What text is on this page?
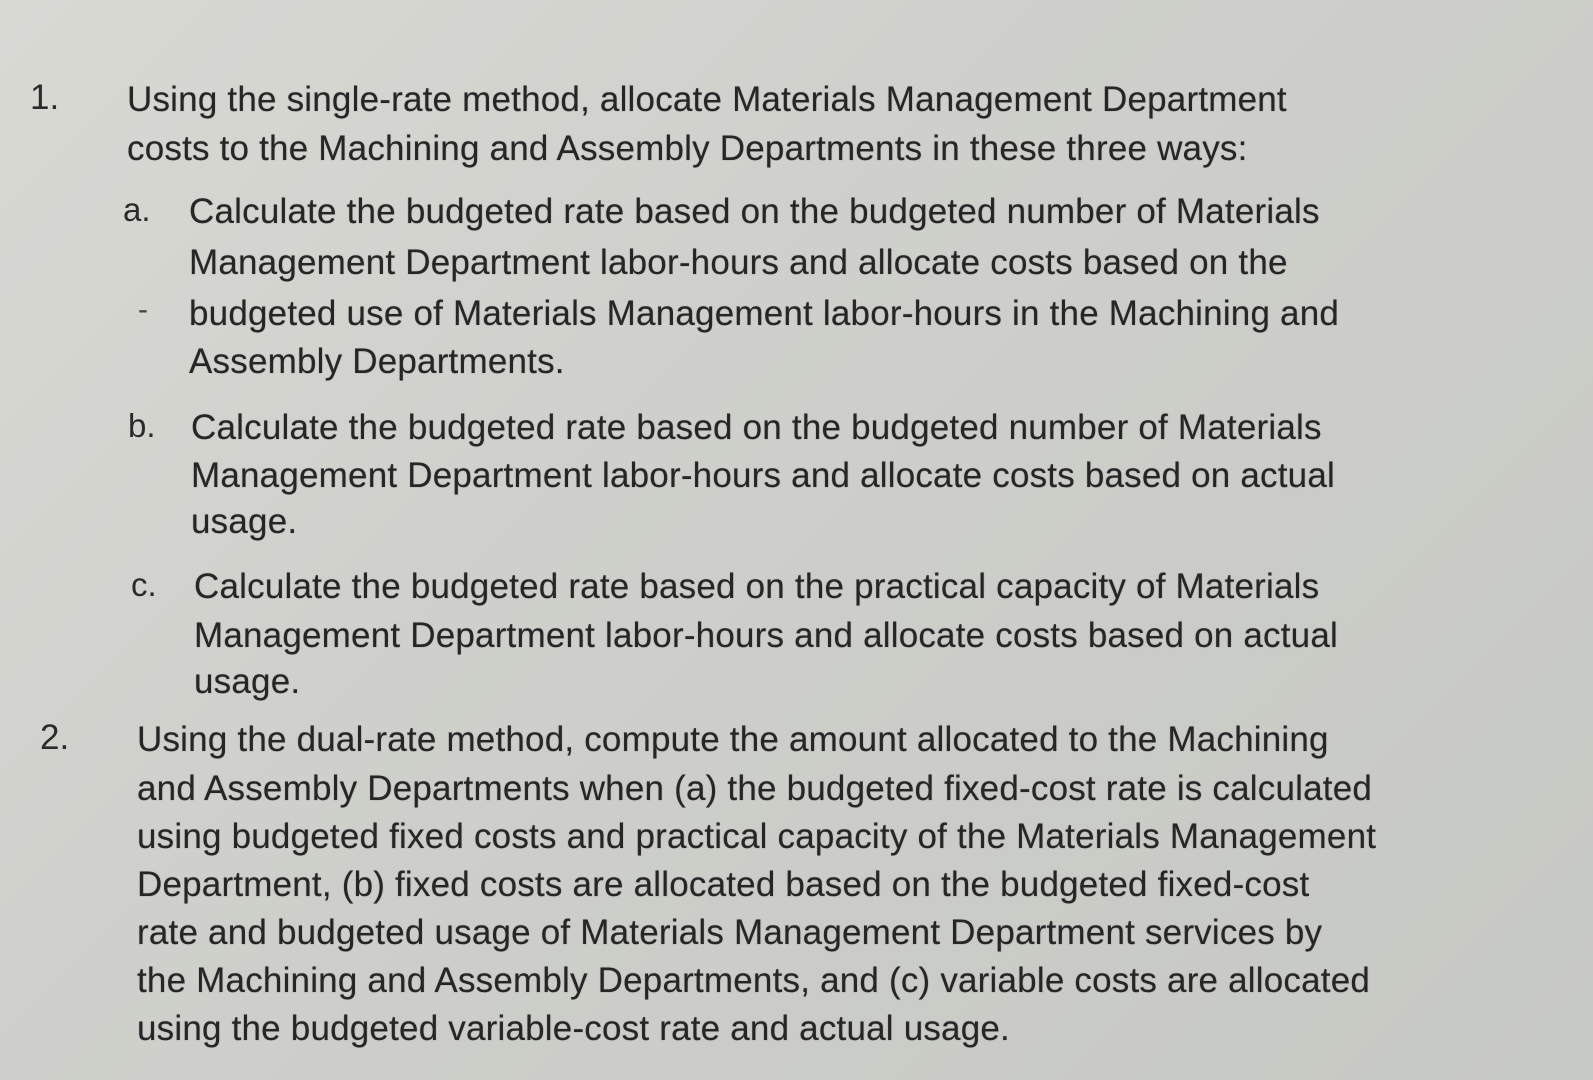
1. Using the single-rate method, allocate Materials Management Department
costs to the Machining and Assembly Departments in these three ways:
a. Calculate the budgeted rate based on the budgeted number of Materials
Management Department labor-hours and allocate costs based on the
- budgeted use of Materials Management labor-hours in the Machining and
Assembly Departments.
b. Calculate the budgeted rate based on the budgeted number of Materials
Management Department labor-hours and allocate costs based on actual
usage.
c. Calculate the budgeted rate based on the practical capacity of Materials
Management Department labor-hours and allocate costs based on actual
usage.
2. Using the dual-rate method, compute the amount allocated to the Machining
and Assembly Departments when (a) the budgeted fixed-cost rate is calculated
using budgeted fixed costs and practical capacity of the Materials Management
Department, (b) fixed costs are allocated based on the budgeted fixed-cost
rate and budgeted usage of Materials Management Department services by
the Machining and Assembly Departments, and (c) variable costs are allocated
using the budgeted variable-cost rate and actual usage.
